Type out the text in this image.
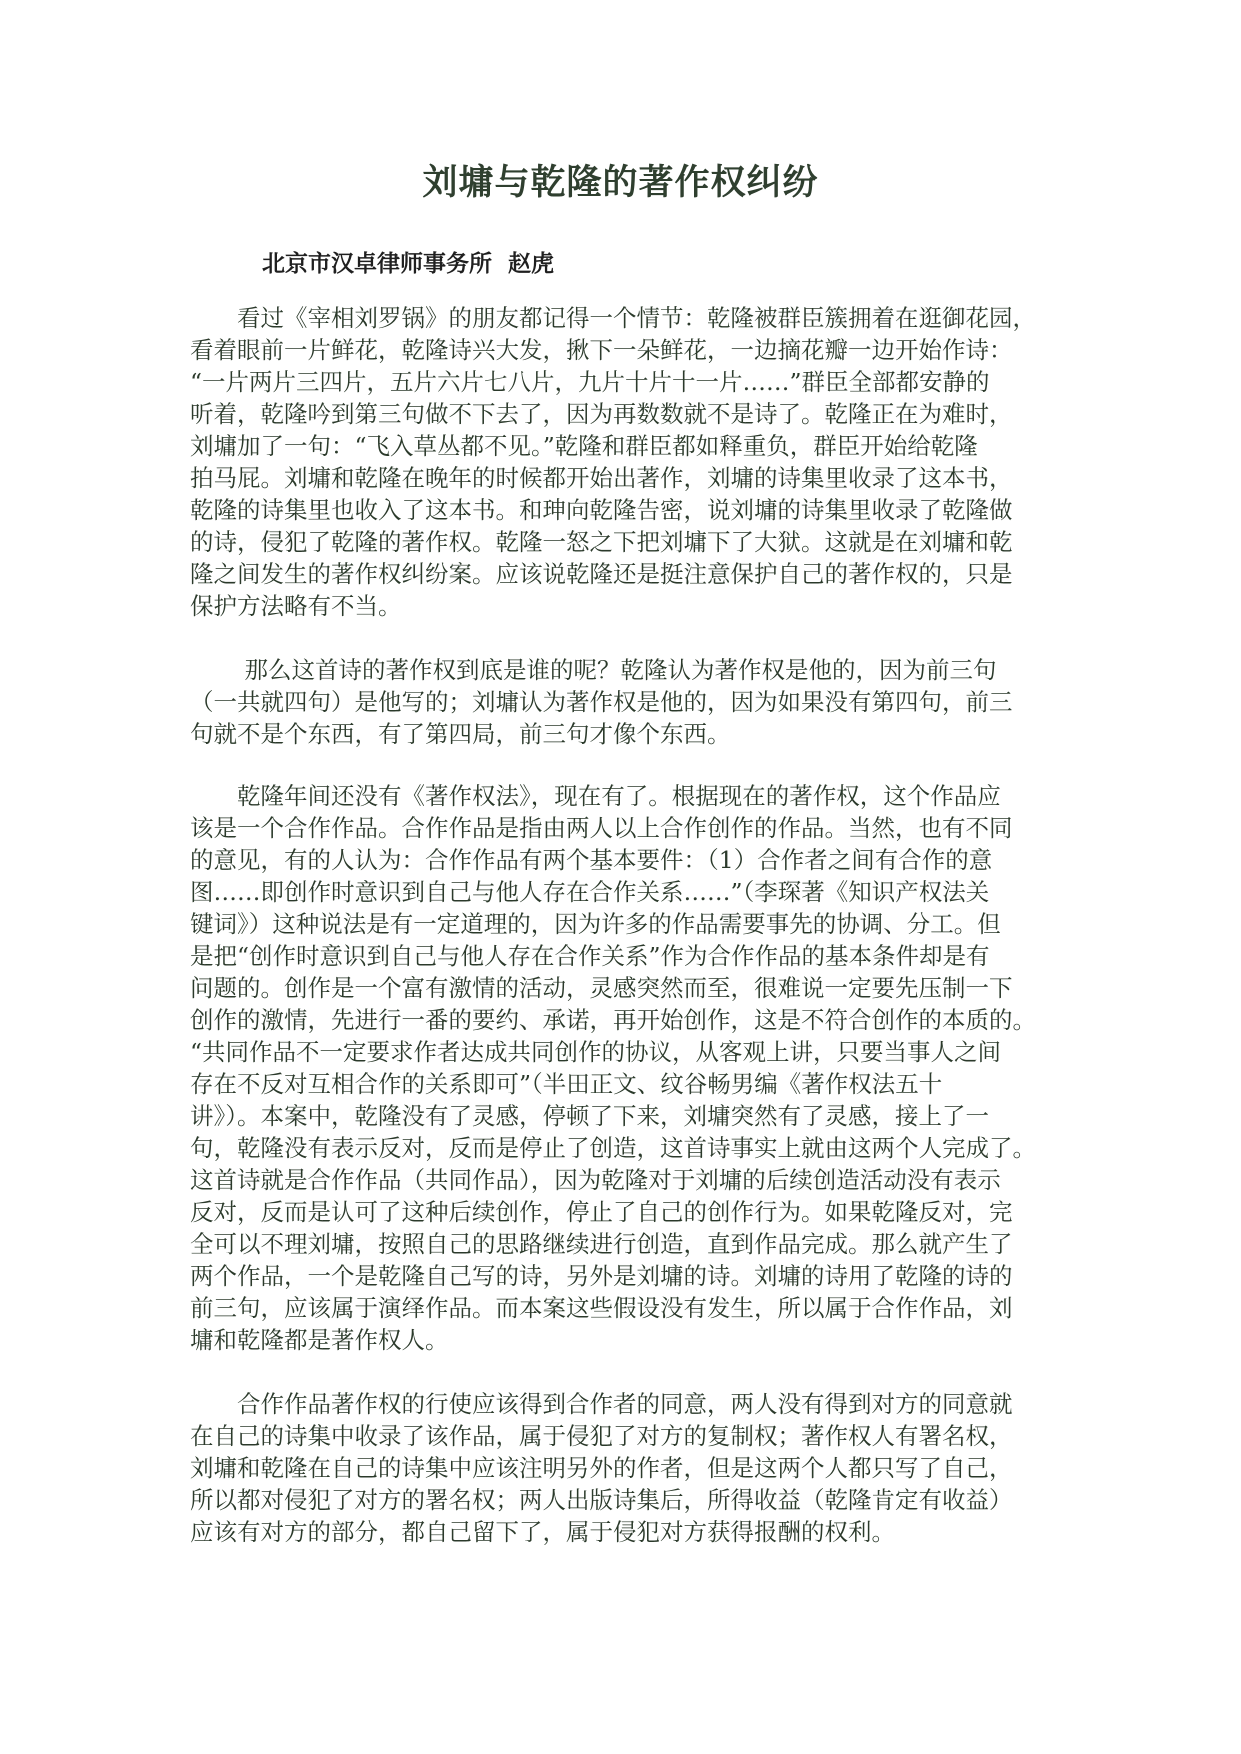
刘墉与乾隆的著作权纠纷
北京市汉卓律师事务所  赵虎
　　看过《宰相刘罗锅》的朋友都记得一个情节：乾隆被群臣簇拥着在逛御花园，
看着眼前一片鲜花，乾隆诗兴大发，揪下一朵鲜花，一边摘花瓣一边开始作诗：
“一片两片三四片，五片六片七八片，九片十片十一片……”群臣全部都安静的
听着，乾隆吟到第三句做不下去了，因为再数数就不是诗了。乾隆正在为难时，
刘墉加了一句：“飞入草丛都不见。”乾隆和群臣都如释重负，群臣开始给乾隆
拍马屁。刘墉和乾隆在晚年的时候都开始出著作，刘墉的诗集里收录了这本书，
乾隆的诗集里也收入了这本书。和珅向乾隆告密，说刘墉的诗集里收录了乾隆做
的诗，侵犯了乾隆的著作权。乾隆一怒之下把刘墉下了大狱。这就是在刘墉和乾
隆之间发生的著作权纠纷案。应该说乾隆还是挺注意保护自己的著作权的，只是
保护方法略有不当。
　　 那么这首诗的著作权到底是谁的呢？乾隆认为著作权是他的，因为前三句
（一共就四句）是他写的；刘墉认为著作权是他的，因为如果没有第四句，前三
句就不是个东西，有了第四局，前三句才像个东西。
　　乾隆年间还没有《著作权法》，现在有了。根据现在的著作权，这个作品应
该是一个合作作品。合作作品是指由两人以上合作创作的作品。当然，也有不同
的意见，有的人认为：合作作品有两个基本要件：（1）合作者之间有合作的意
图……即创作时意识到自己与他人存在合作关系……”（李琛著《知识产权法关
键词》）这种说法是有一定道理的，因为许多的作品需要事先的协调、分工。但
是把“创作时意识到自己与他人存在合作关系”作为合作作品的基本条件却是有
问题的。创作是一个富有激情的活动，灵感突然而至，很难说一定要先压制一下
创作的激情，先进行一番的要约、承诺，再开始创作，这是不符合创作的本质的。
“共同作品不一定要求作者达成共同创作的协议，从客观上讲，只要当事人之间
存在不反对互相合作的关系即可”（半田正文、纹谷畅男编《著作权法五十
讲》）。本案中，乾隆没有了灵感，停顿了下来，刘墉突然有了灵感，接上了一
句，乾隆没有表示反对，反而是停止了创造，这首诗事实上就由这两个人完成了。
这首诗就是合作作品（共同作品），因为乾隆对于刘墉的后续创造活动没有表示
反对，反而是认可了这种后续创作，停止了自己的创作行为。如果乾隆反对，完
全可以不理刘墉，按照自己的思路继续进行创造，直到作品完成。那么就产生了
两个作品，一个是乾隆自己写的诗，另外是刘墉的诗。刘墉的诗用了乾隆的诗的
前三句，应该属于演绎作品。而本案这些假设没有发生，所以属于合作作品，刘
墉和乾隆都是著作权人。
　　合作作品著作权的行使应该得到合作者的同意，两人没有得到对方的同意就
在自己的诗集中收录了该作品，属于侵犯了对方的复制权；著作权人有署名权，
刘墉和乾隆在自己的诗集中应该注明另外的作者，但是这两个人都只写了自己，
所以都对侵犯了对方的署名权；两人出版诗集后，所得收益（乾隆肯定有收益）
应该有对方的部分，都自己留下了，属于侵犯对方获得报酬的权利。
